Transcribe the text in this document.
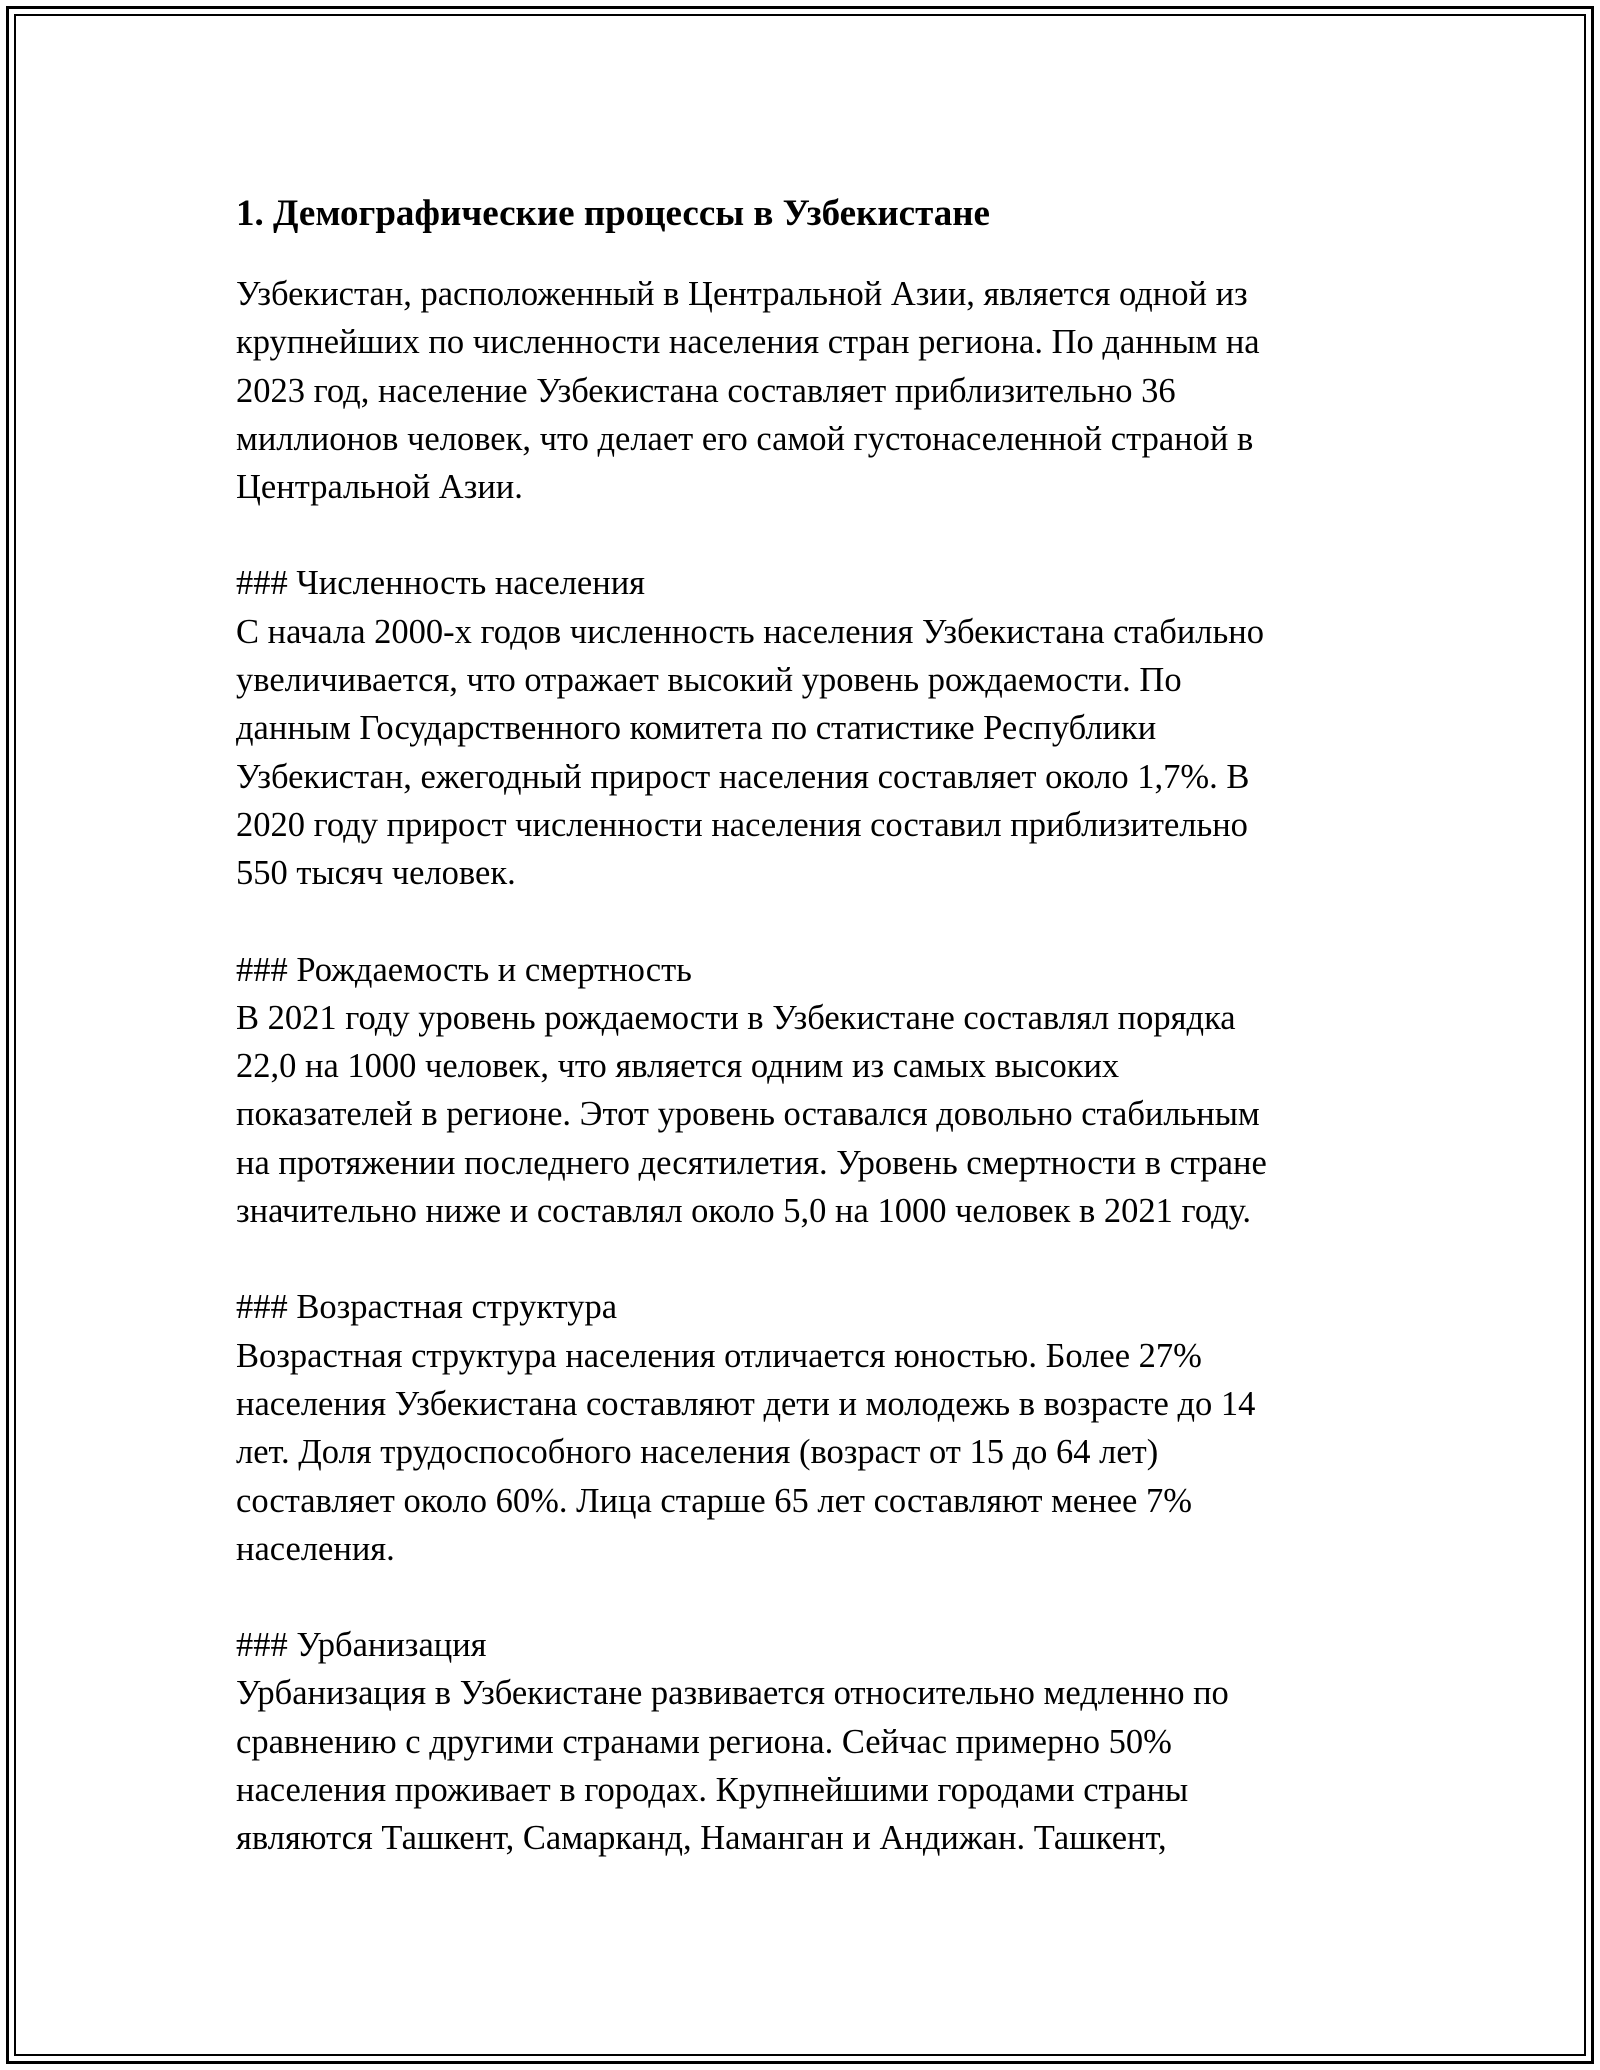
1. Демографические процессы в Узбекистане

Узбекистан, расположенный в Центральной Азии, является одной из
крупнейших по численности населения стран региона. По данным на
2023 год, население Узбекистана составляет приблизительно 36
миллионов человек, что делает его самой густонаселенной страной в
Центральной Азии.

### Численность населения

С начала 2000-х годов численность населения Узбекистана стабильно
увеличивается, что отражает высокий уровень рождаемости. По
данным Государственного комитета по статистике Республики
Узбекистан, ежегодный прирост населения составляет около 1,7%. В
2020 году прирост численности населения составил приблизительно
550 тысяч человек.

### Рождаемость и смертность

В 2021 году уровень рождаемости в Узбекистане составлял порядка
22,0 на 1000 человек, что является одним из самых высоких
показателей в регионе. Этот уровень оставался довольно стабильным
на протяжении последнего десятилетия. Уровень смертности в стране
значительно ниже и составлял около 5,0 на 1000 человек в 2021 году.

### Возрастная структура

Возрастная структура населения отличается юностью. Более 27%
населения Узбекистана составляют дети и молодежь в возрасте до 14
лет. Доля трудоспособного населения (возраст от 15 до 64 лет)
составляет около 60%. Лица старше 65 лет составляют менее 7%
населения.

### Урбанизация

Урбанизация в Узбекистане развивается относительно медленно по
сравнению с другими странами региона. Сейчас примерно 50%
населения проживает в городах. Крупнейшими городами страны
являются Ташкент, Самарканд, Наманган и Андижан. Ташкент,
